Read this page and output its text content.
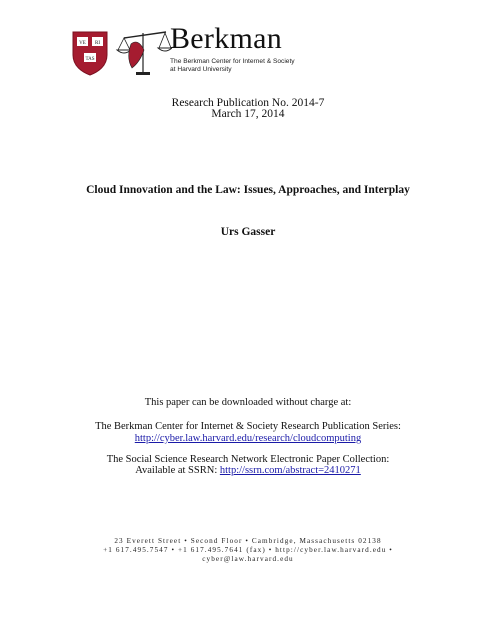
VE RI
TAS
Berkman
The Berkman Center for Internet & Society
at Harvard University
Research Publication No. 2014-7
March 17, 2014
Cloud Innovation and the Law: Issues, Approaches, and Interplay
Urs Gasser
This paper can be downloaded without charge at:
The Berkman Center for Internet & Society Research Publication Series:
http://cyber.law.harvard.edu/research/cloudcomputing
The Social Science Research Network Electronic Paper Collection:
Available at SSRN: http://ssrn.com/abstract=2410271
23 Everett Street • Second Floor • Cambridge, Massachusetts 02138
+1 617.495.7547 • +1 617.495.7641 (fax) • http://cyber.law.harvard.edu •
cyber@law.harvard.edu
